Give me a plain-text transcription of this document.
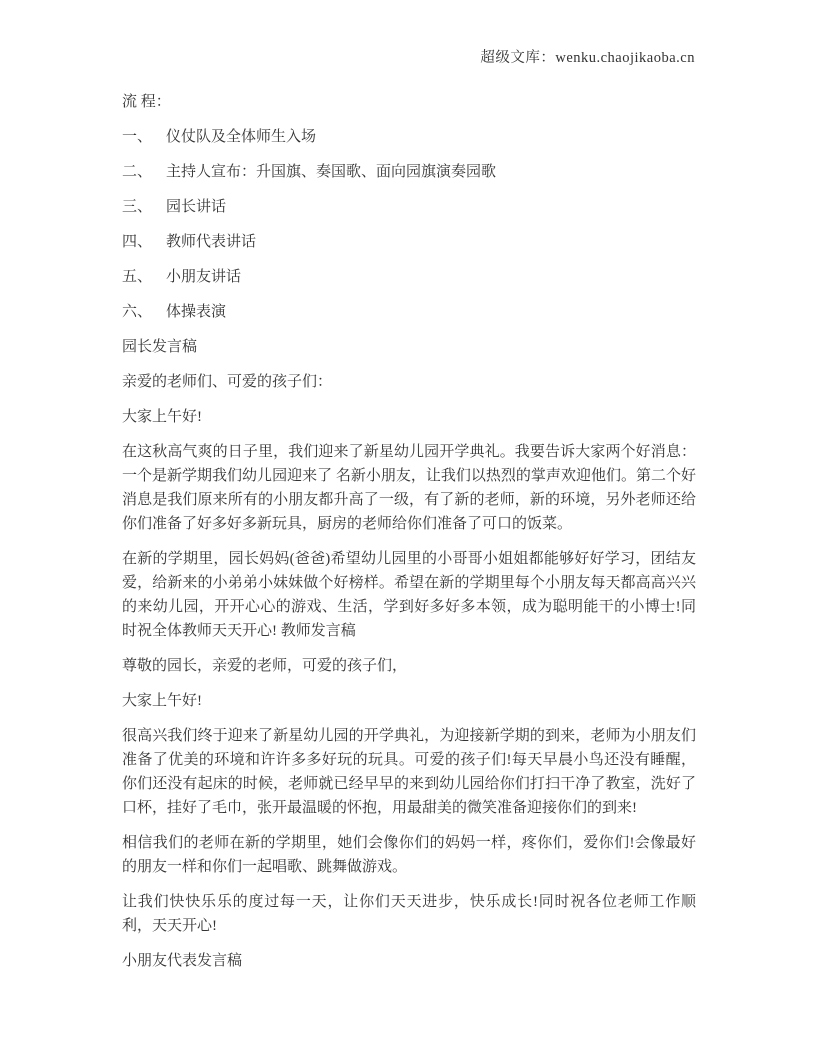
超级文库：wenku.chaojikaoba.cn

流 程：

一、 仪仗队及全体师生入场

二、 主持人宣布：升国旗、奏国歌、面向园旗演奏园歌

三、 园长讲话

四、 教师代表讲话

五、 小朋友讲话

六、 体操表演

园长发言稿

亲爱的老师们、可爱的孩子们：

大家上午好!

在这秋高气爽的日子里，我们迎来了新星幼儿园开学典礼。我要告诉大家两个好消息：一个是新学期我们幼儿园迎来了 名新小朋友，让我们以热烈的掌声欢迎他们。第二个好消息是我们原来所有的小朋友都升高了一级，有了新的老师，新的环境，另外老师还给你们准备了好多好多新玩具，厨房的老师给你们准备了可口的饭菜。

在新的学期里，园长妈妈(爸爸)希望幼儿园里的小哥哥小姐姐都能够好好学习，团结友爱，给新来的小弟弟小妹妹做个好榜样。希望在新的学期里每个小朋友每天都高高兴兴的来幼儿园，开开心心的游戏、生活，学到好多好多本领，成为聪明能干的小博士!同时祝全体教师天天开心! 教师发言稿

尊敬的园长，亲爱的老师，可爱的孩子们，

大家上午好!

很高兴我们终于迎来了新星幼儿园的开学典礼，为迎接新学期的到来，老师为小朋友们准备了优美的环境和许许多多好玩的玩具。可爱的孩子们!每天早晨小鸟还没有睡醒，你们还没有起床的时候，老师就已经早早的来到幼儿园给你们打扫干净了教室，洗好了口杯，挂好了毛巾，张开最温暖的怀抱，用最甜美的微笑准备迎接你们的到来!

相信我们的老师在新的学期里，她们会像你们的妈妈一样，疼你们，爱你们!会像最好的朋友一样和你们一起唱歌、跳舞做游戏。

让我们快快乐乐的度过每一天，让你们天天进步，快乐成长!同时祝各位老师工作顺利，天天开心!

小朋友代表发言稿
